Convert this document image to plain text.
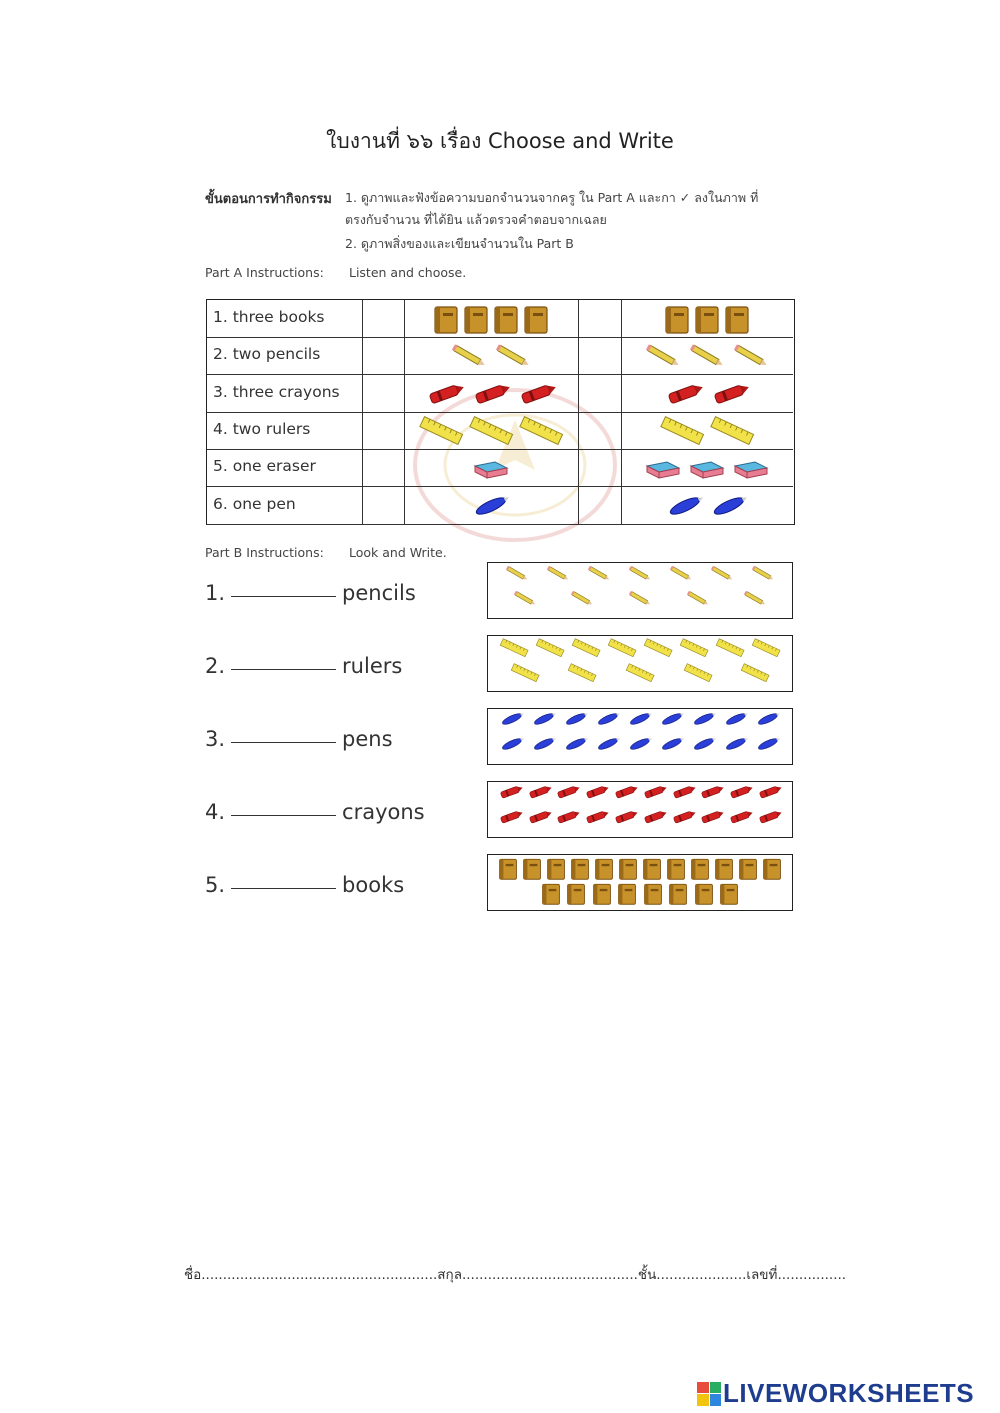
ใบงานที่ ๖๖ เรื่อง Choose and Write
ขั้นตอนการทำกิจกรรม 1. ดูภาพและฟังข้อความบอกจำนวนจากครู ใน Part A และกา ✓ ลงในภาพ ที่ตรงกับจำนวน ที่ได้ยิน แล้วตรวจคำตอบจากเฉลย
2. ดูภาพสิ่งของและเขียนจำนวนใน Part B
Part A Instructions: Listen and choose.
1. three books
2. two pencils
3. three crayons
4. two rulers
5. one eraser
6. one pen
Part B Instructions: Look and Write.
1.	pencils
2.	rulers
3.	pens
4.	crayons
5.	books
ชื่อ.......................................................สกุล.........................................ชั้น.....................เลขที่................
LIVEWORKSHEETS
